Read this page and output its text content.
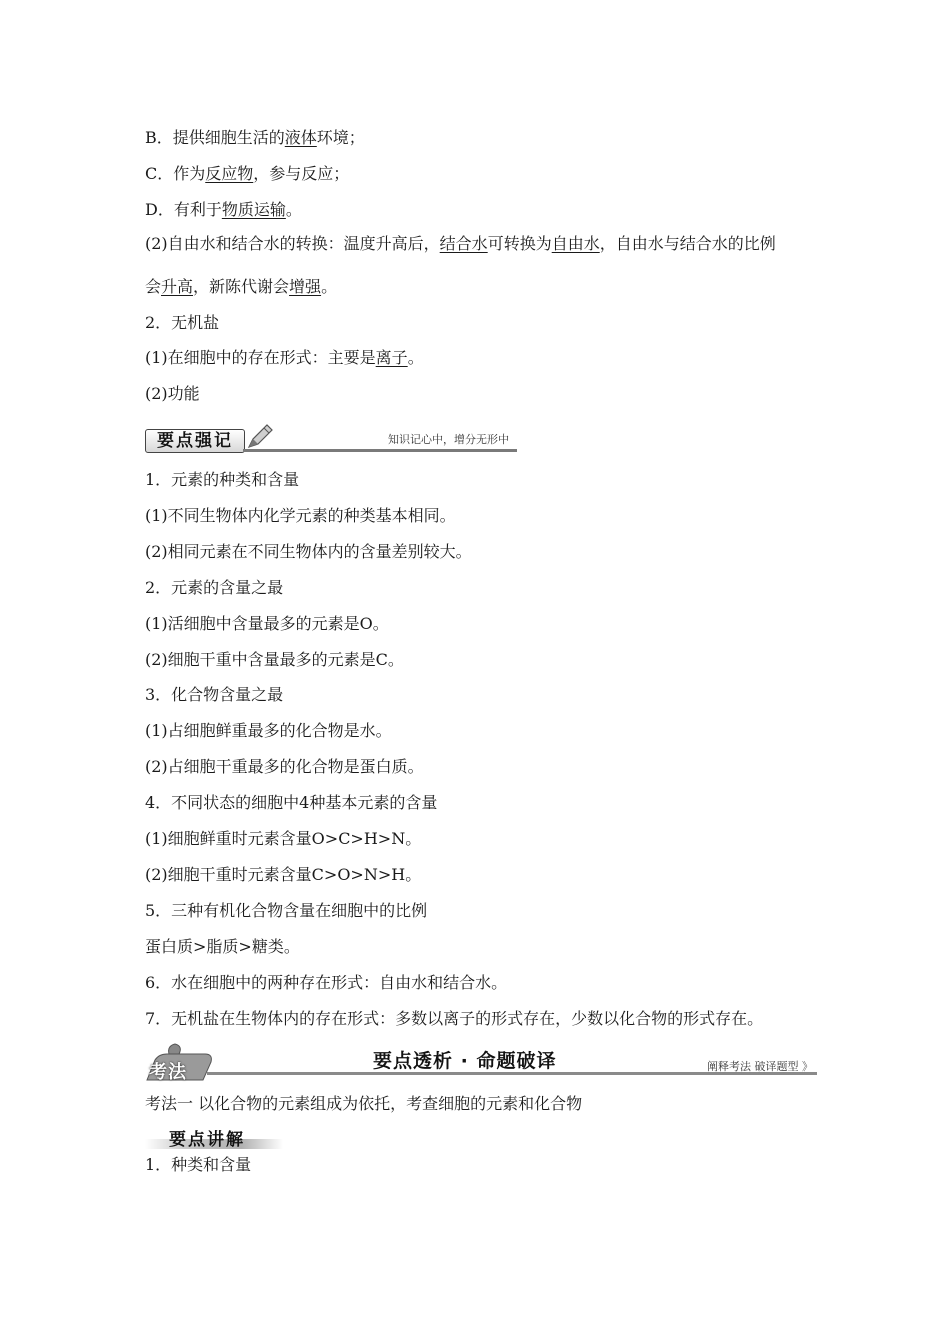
B．提供细胞生活的液体环境；
C．作为反应物，参与反应；
D．有利于物质运输。
(2)自由水和结合水的转换：温度升高后，结合水可转换为自由水，自由水与结合水的比例
会升高，新陈代谢会增强。
2．无机盐
(1)在细胞中的存在形式：主要是离子。
(2)功能
要点强记	知识记心中，增分无形中
1．元素的种类和含量
(1)不同生物体内化学元素的种类基本相同。
(2)相同元素在不同生物体内的含量差别较大。
2．元素的含量之最
(1)活细胞中含量最多的元素是O。
(2)细胞干重中含量最多的元素是C。
3．化合物含量之最
(1)占细胞鲜重最多的化合物是水。
(2)占细胞干重最多的化合物是蛋白质。
4．不同状态的细胞中4种基本元素的含量
(1)细胞鲜重时元素含量O>C>H>N。
(2)细胞干重时元素含量C>O>N>H。
5．三种有机化合物含量在细胞中的比例
蛋白质>脂质>糖类。
6．水在细胞中的两种存在形式：自由水和结合水。
7．无机盐在生物体内的存在形式：多数以离子的形式存在，少数以化合物的形式存在。
考法
要点透析 · 命题破译	阐释考法 破译题型 》
考法一 以化合物的元素组成为依托，考查细胞的元素和化合物
要点讲解
1．种类和含量
